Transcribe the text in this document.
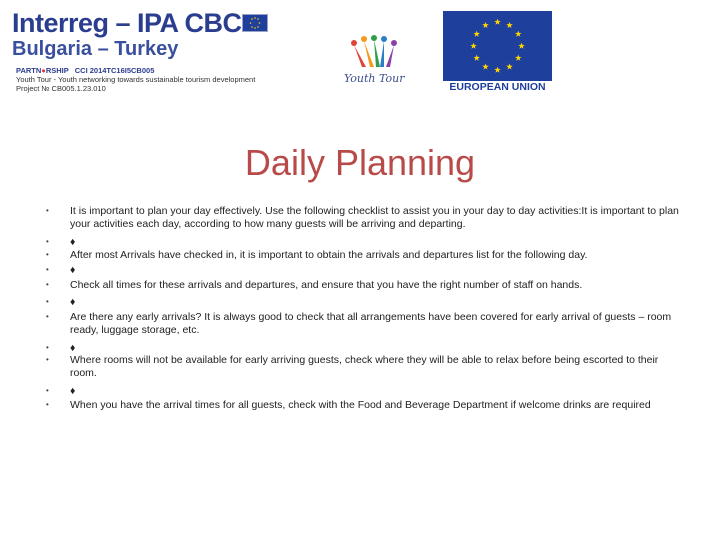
Interreg – IPA CBC
Bulgaria – Turkey
PARTN●RSHIP CCI 2014TC16I5CB005
Youth Tour - Youth networking towards sustainable tourism development
Project № CB005.1.23.010
Youth Tour
EUROPEAN UNION
Daily Planning
• It is important to plan your day effectively. Use the following checklist to assist you in your day to day activities:It is important to plan your activities each day, according to how many guests will be arriving and departing.
• ♦
• After most Arrivals have checked in, it is important to obtain the arrivals and departures list for the following day.
• ♦
• Check all times for these arrivals and departures, and ensure that you have the right number of staff on hands.
• ♦
• Are there any early arrivals? It is always good to check that all arrangements have been covered for early arrival of guests – room ready, luggage storage, etc.
• ♦
• Where rooms will not be available for early arriving guests, check where they will be able to relax before being escorted to their room.
• ♦
• When you have the arrival times for all guests, check with the Food and Beverage Department if welcome drinks are required
